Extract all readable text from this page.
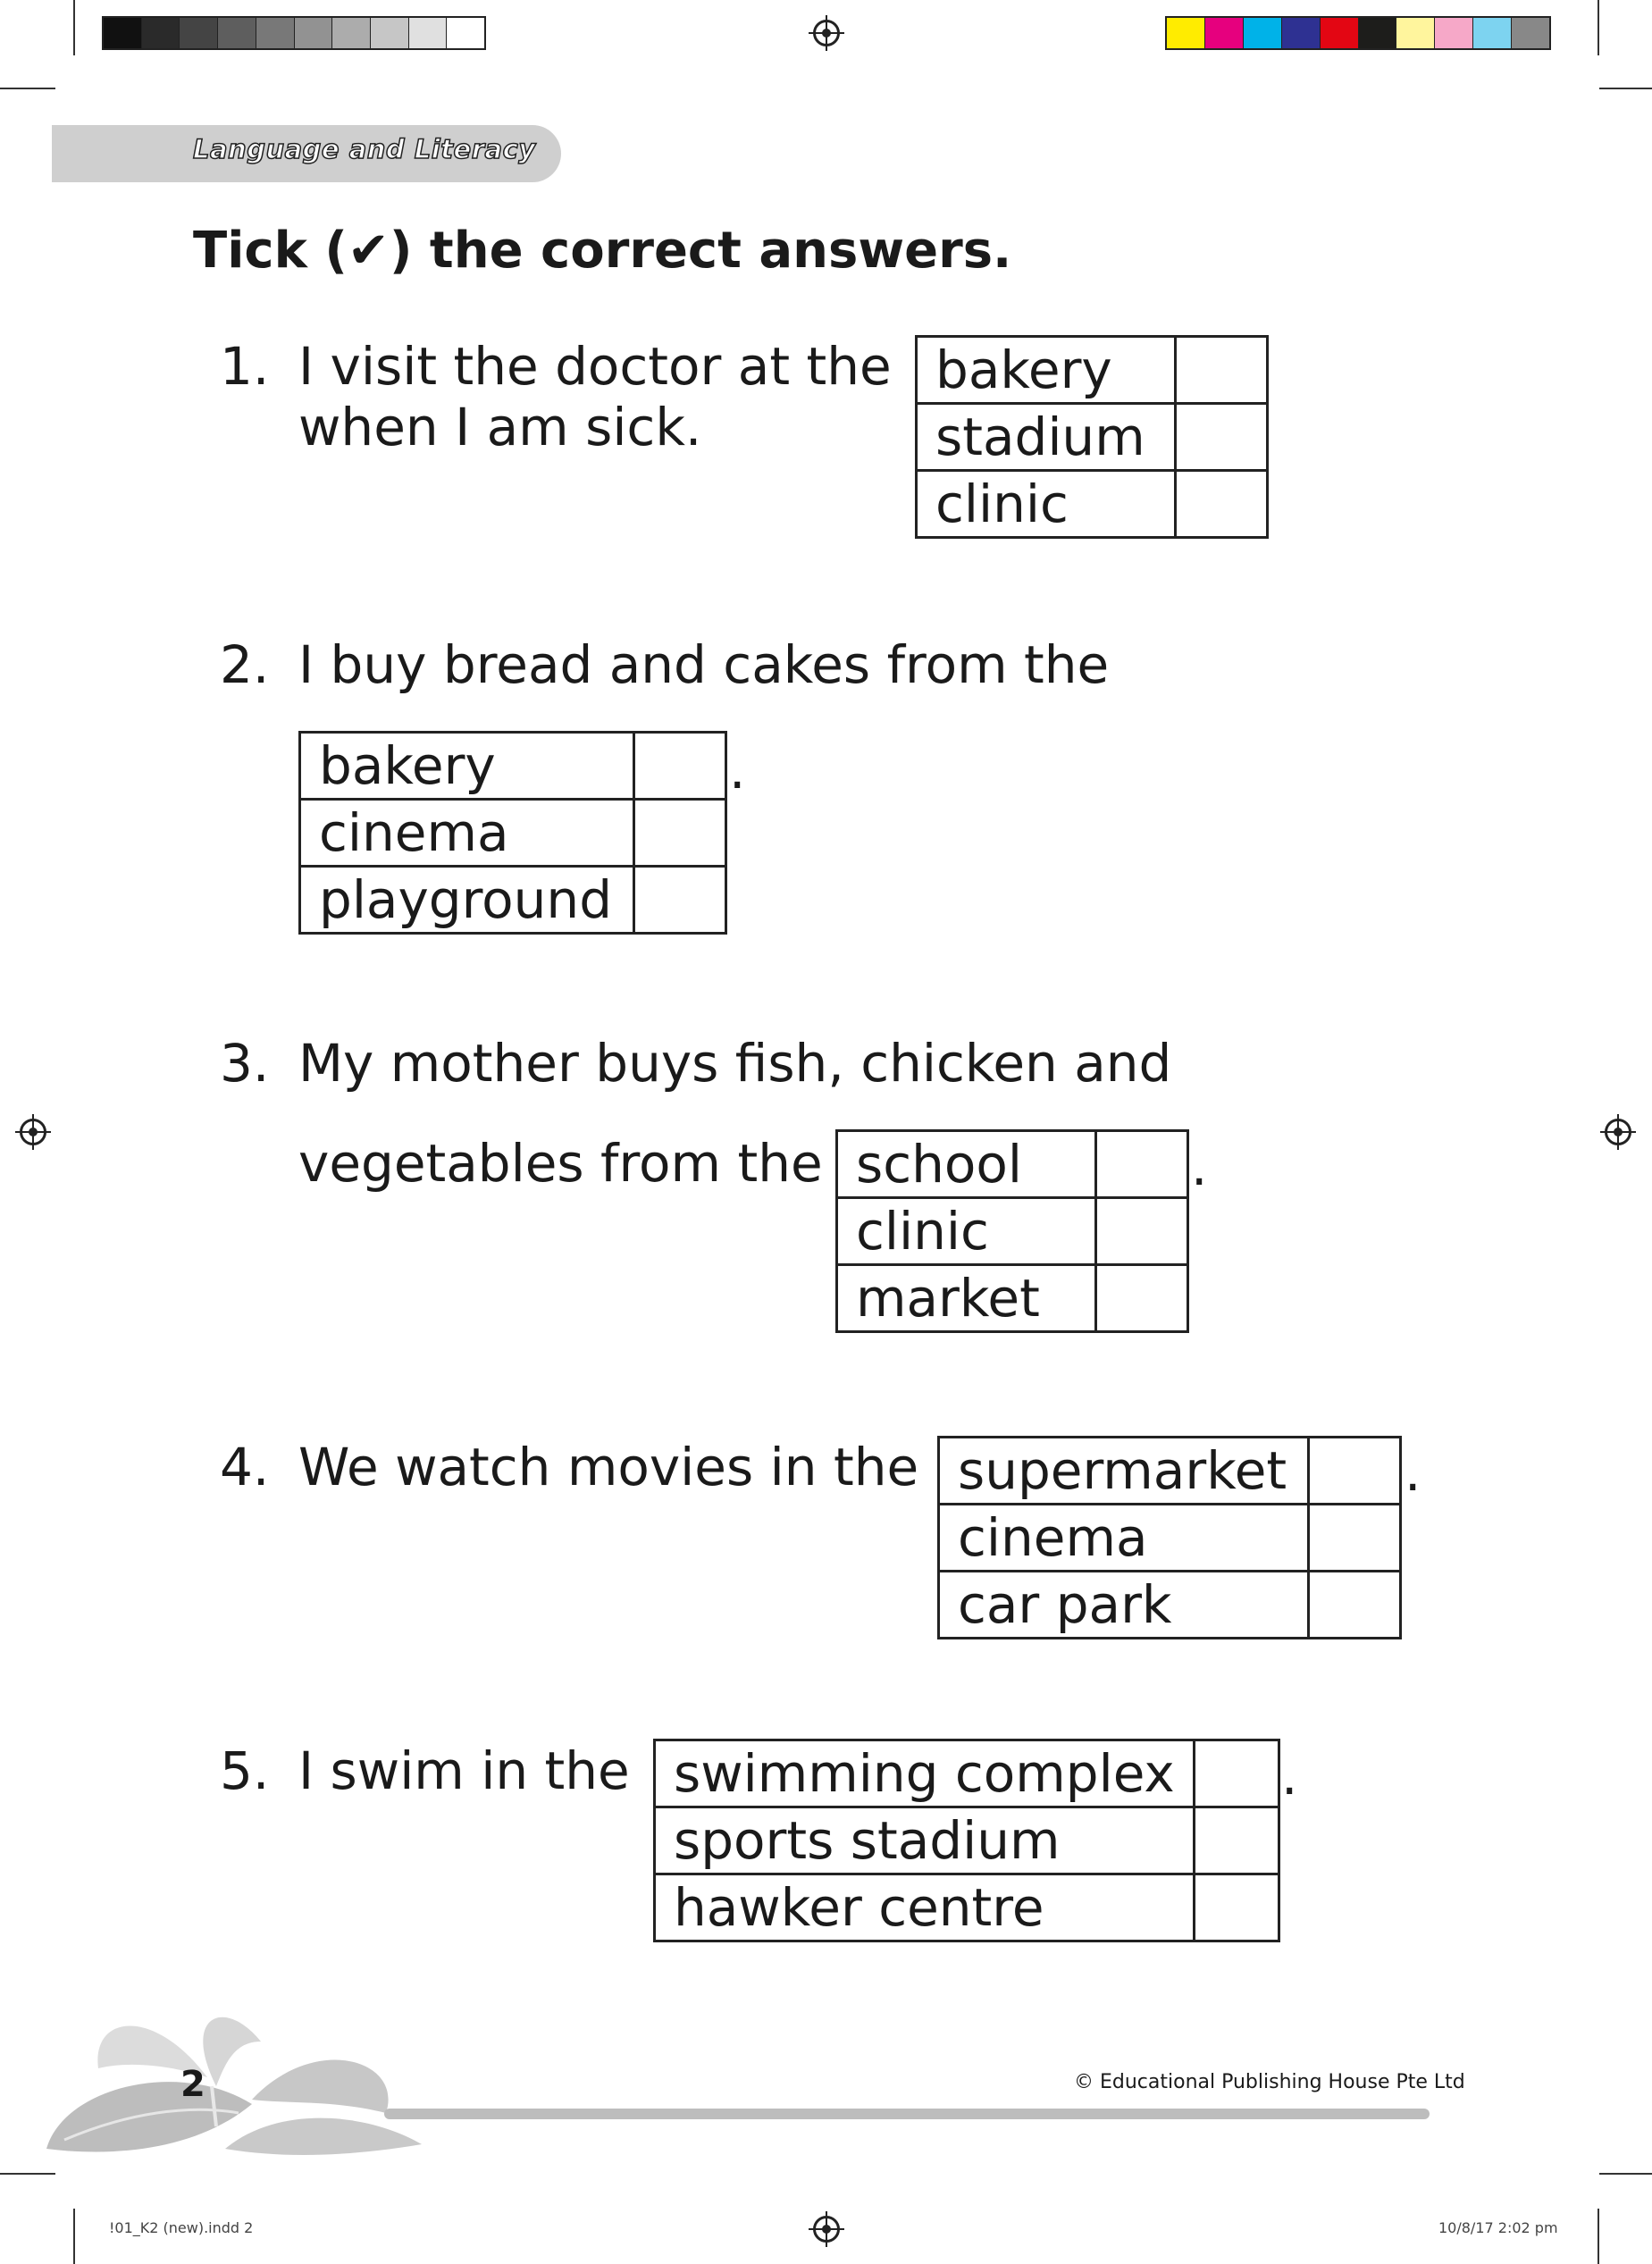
Language and Literacy
Tick (✔) the correct answers.
1. I visit the doctor at the
when I am sick.
bakery	
stadium	
clinic	
2. I buy bread and cakes from the
bakery	
cinema	
playground	
.
3. My mother buys fish, chicken and
vegetables from the school	
clinic	
market	
.
4. We watch movies in the supermarket	
cinema	
car park	
.
5. I swim in the swimming complex	
sports stadium	
hawker centre	
.
2	© Educational Publishing House Pte Ltd
!01_K2 (new).indd 2	10/8/17 2:02 pm
